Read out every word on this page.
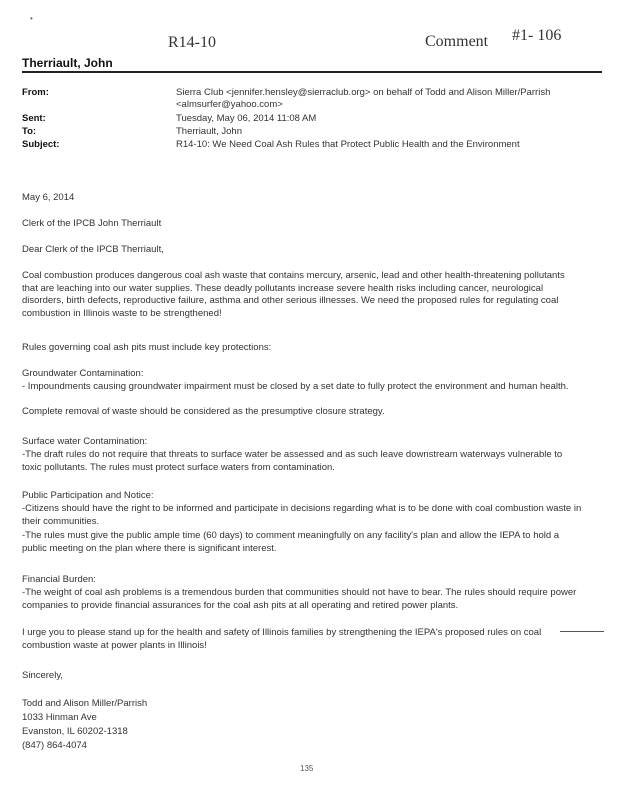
•
R14-10	Comment #1- 106
Therriault, John
From:	Sierra Club <jennifer.hensley@sierraclub.org> on behalf of Todd and Alison Miller/Parrish <almsurfer@yahoo.com>
Sent:	Tuesday, May 06, 2014 11:08 AM
To:	Therriault, John
Subject:	R14-10: We Need Coal Ash Rules that Protect Public Health and the Environment
May 6, 2014
Clerk of the IPCB John Therriault
Dear Clerk of the IPCB Therriault,
Coal combustion produces dangerous coal ash waste that contains mercury, arsenic, lead and other health-threatening pollutants that are leaching into our water supplies. These deadly pollutants increase severe health risks including cancer, neurological disorders, birth defects, reproductive failure, asthma and other serious illnesses. We need the proposed rules for regulating coal combustion in Illinois waste to be strengthened!
Rules governing coal ash pits must include key protections:
Groundwater Contamination:
- Impoundments causing groundwater impairment must be closed by a set date to fully protect the environment and human health.
Complete removal of waste should be considered as the presumptive closure strategy.
Surface water Contamination:
-The draft rules do not require that threats to surface water be assessed and as such leave downstream waterways vulnerable to toxic pollutants. The rules must protect surface waters from contamination.
Public Participation and Notice:
-Citizens should have the right to be informed and participate in decisions regarding what is to be done with coal combustion waste in their communities.
-The rules must give the public ample time (60 days) to comment meaningfully on any facility's plan and allow the IEPA to hold a public meeting on the plan where there is significant interest.
Financial Burden:
-The weight of coal ash problems is a tremendous burden that communities should not have to bear. The rules should require power companies to provide financial assurances for the coal ash pits at all operating and retired power plants.
I urge you to please stand up for the health and safety of Illinois families by strengthening the IEPA's proposed rules on coal combustion waste at power plants in Illinois!
Sincerely,
Todd and Alison Miller/Parrish
1033 Hinman Ave
Evanston, IL 60202-1318
(847) 864-4074
135
